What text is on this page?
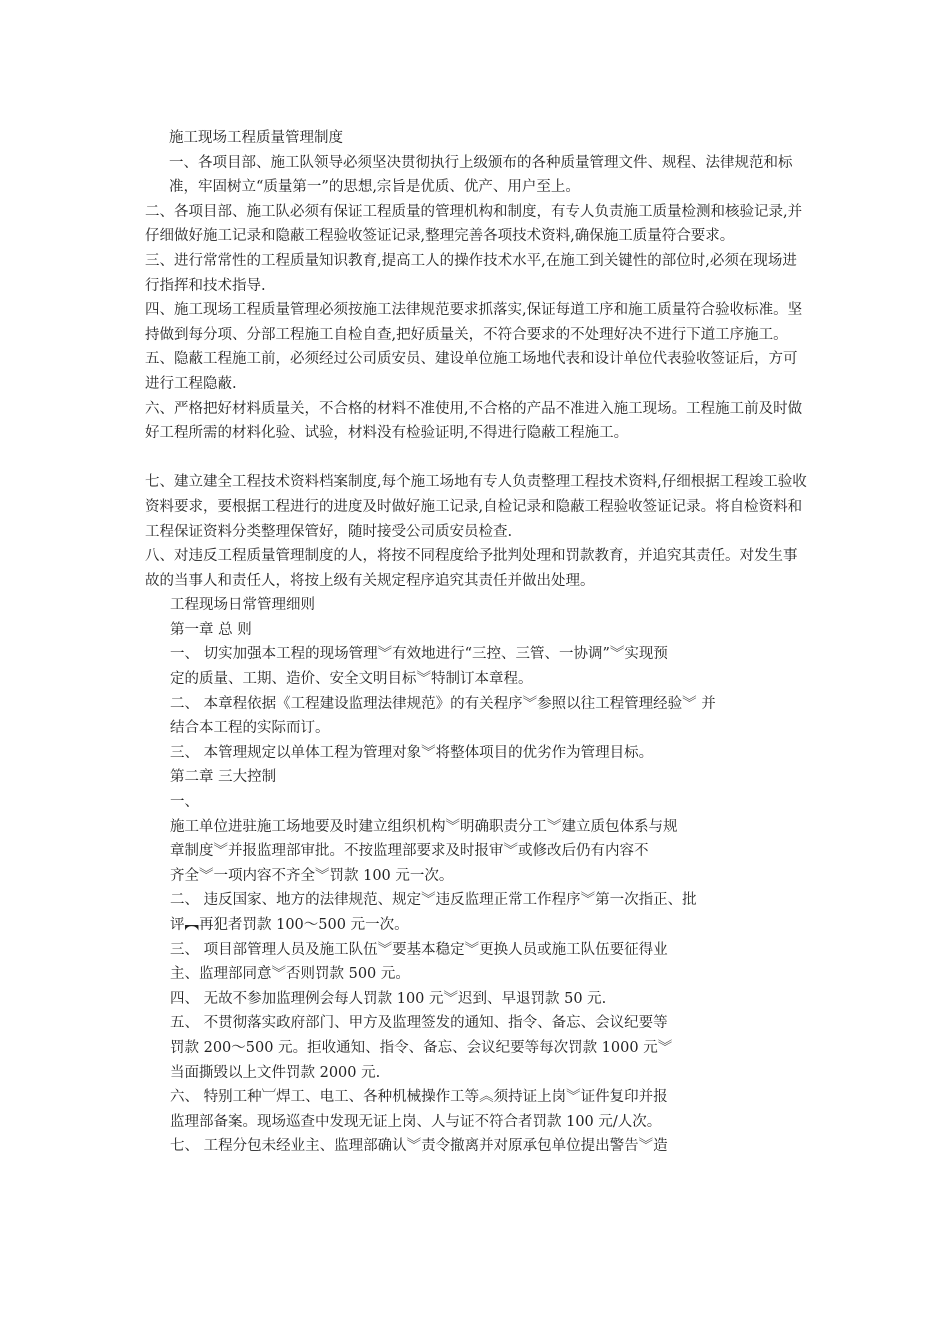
施工现场工程质量管理制度

一、各项目部、施工队领导必须坚决贯彻执行上级颁布的各种质量管理文件、规程、法律规范和标准，牢固树立“质量第一”的思想,宗旨是优质、优产、用户至上。

二、各项目部、施工队必须有保证工程质量的管理机构和制度，有专人负责施工质量检测和核验记录,并仔细做好施工记录和隐蔽工程验收签证记录,整理完善各项技术资料,确保施工质量符合要求。

三、进行常常性的工程质量知识教育,提高工人的操作技术水平,在施工到关键性的部位时,必须在现场进行指挥和技术指导.

四、施工现场工程质量管理必须按施工法律规范要求抓落实,保证每道工序和施工质量符合验收标准。坚持做到每分项、分部工程施工自检自查,把好质量关，不符合要求的不处理好决不进行下道工序施工。

五、隐蔽工程施工前，必须经过公司质安员、建设单位施工场地代表和设计单位代表验收签证后，方可进行工程隐蔽.

六、严格把好材料质量关，不合格的材料不准使用,不合格的产品不准进入施工现场。工程施工前及时做好工程所需的材料化验、试验，材料没有检验证明,不得进行隐蔽工程施工。

七、建立建全工程技术资料档案制度,每个施工场地有专人负责整理工程技术资料,仔细根据工程竣工验收资料要求，要根据工程进行的进度及时做好施工记录,自检记录和隐蔽工程验收签证记录。将自检资料和工程保证资料分类整理保管好，随时接受公司质安员检查.

八、对违反工程质量管理制度的人，将按不同程度给予批判处理和罚款教育，并追究其责任。对发生事故的当事人和责任人，将按上级有关规定程序追究其责任并做出处理。

工程现场日常管理细则

第一章 总 则

一、 切实加强本工程的现场管理︾有效地进行“三控、三管、一协调”︾实现预

定的质量、工期、造价、安全文明目标︾特制订本章程。

二、 本章程依据《工程建设监理法律规范》的有关程序︾参照以往工程管理经验︾ 并

结合本工程的实际而订。

三、 本管理规定以单体工程为管理对象︾将整体项目的优劣作为管理目标。

第二章 三大控制

一、

施工单位进驻施工场地要及时建立组织机构︾明确职责分工︾建立质包体系与规

章制度︾并报监理部审批。不按监理部要求及时报审︾或修改后仍有内容不

齐全︾一项内容不齐全︾罚款 100 元一次。

二、 违反国家、地方的法律规范、规定︾违反监理正常工作程序︾第一次指正、批

评︻再犯者罚款 100～500 元一次。

三、 项目部管理人员及施工队伍︾要基本稳定︾更换人员或施工队伍要征得业

主、监理部同意︾否则罚款 500 元。

四、 无故不参加监理例会每人罚款 100 元︾迟到、早退罚款 50 元.

五、 不贯彻落实政府部门、甲方及监理签发的通知、指令、备忘、会议纪要等

罚款 200～500 元。拒收通知、指令、备忘、会议纪要等每次罚款 1000 元︾

当面撕毁以上文件罚款 2000 元.

六、 特别工种︺焊工、电工、各种机械操作工等︽须持证上岗︾证件复印并报

监理部备案。现场巡查中发现无证上岗、人与证不符合者罚款 100 元/人次。

七、 工程分包未经业主、监理部确认︾责令撤离并对原承包单位提出警告︾造
